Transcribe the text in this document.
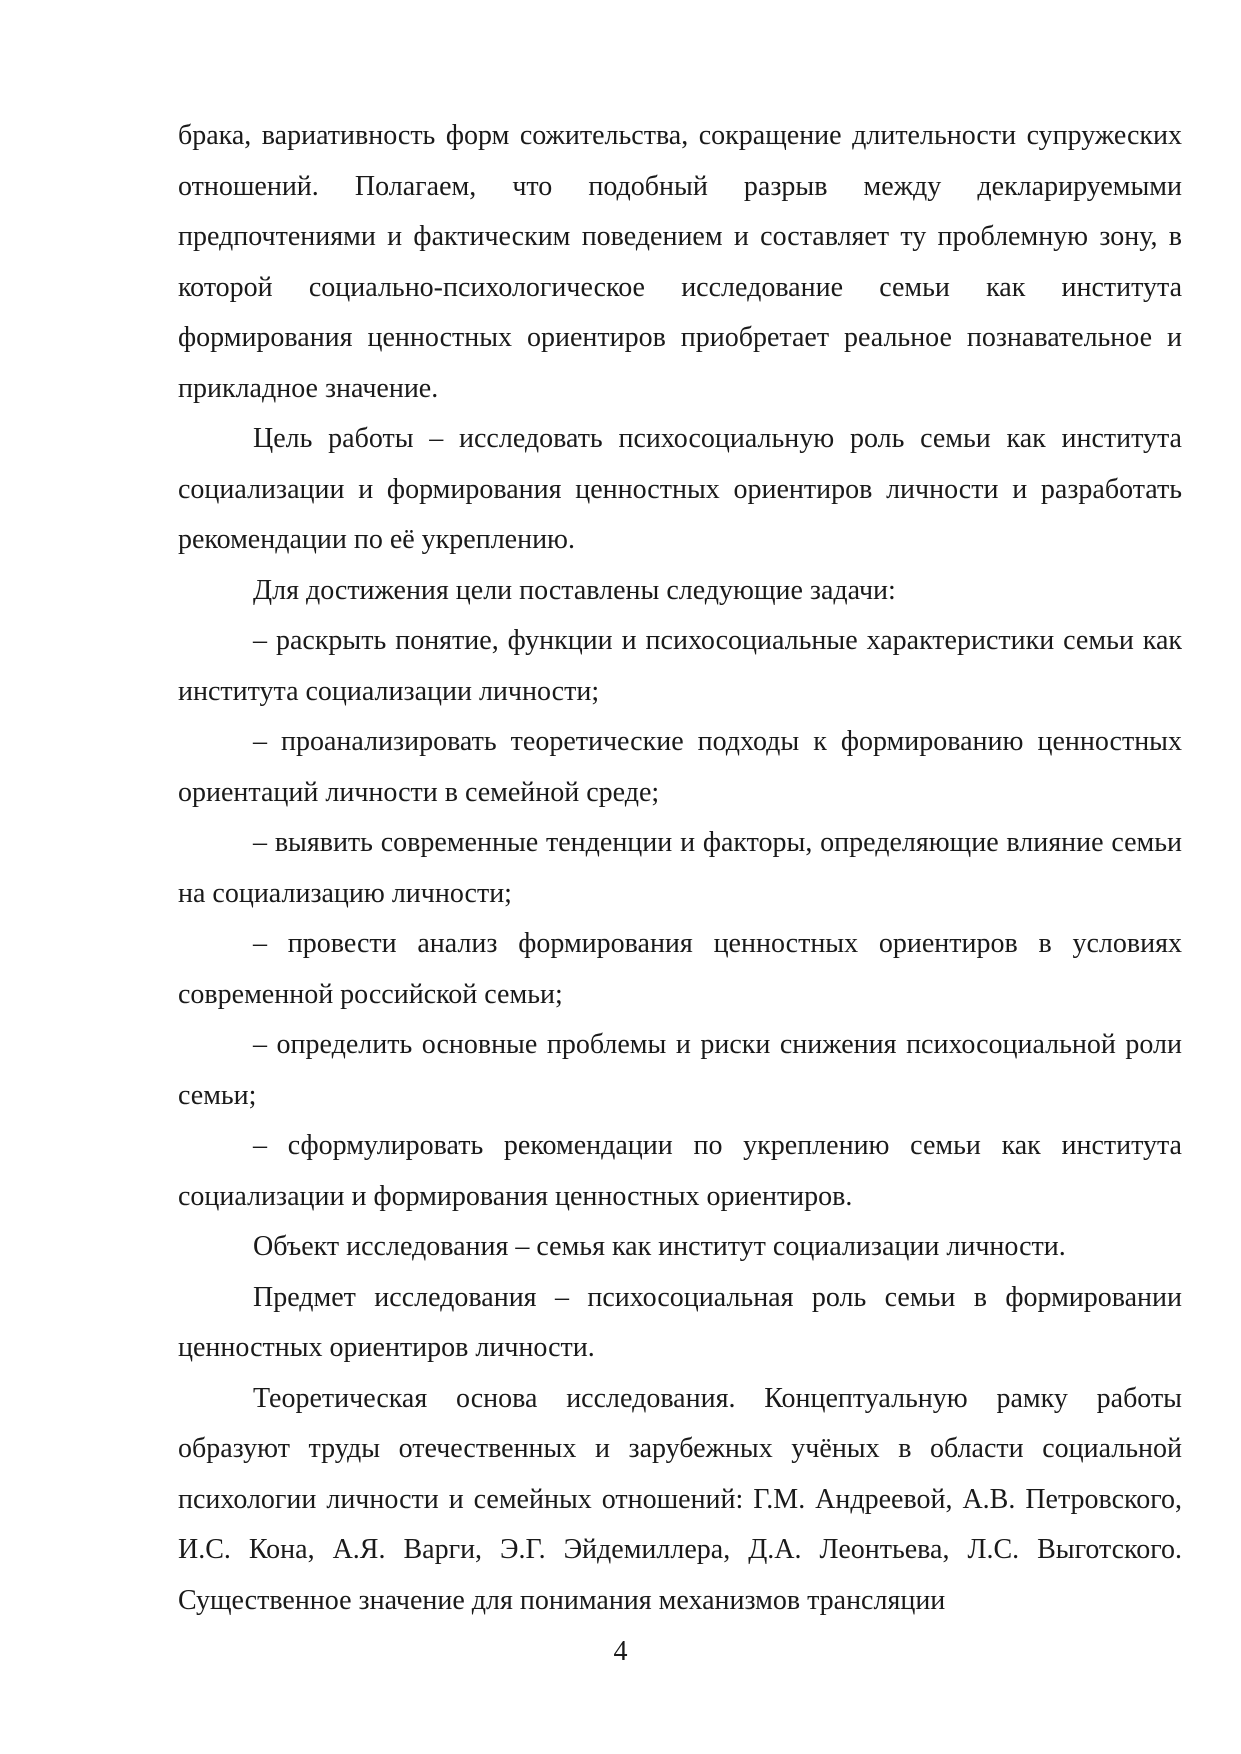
брака, вариативность форм сожительства, сокращение длительности супружеских отношений. Полагаем, что подобный разрыв между декларируемыми предпочтениями и фактическим поведением и составляет ту проблемную зону, в которой социально-психологическое исследование семьи как института формирования ценностных ориентиров приобретает реальное познавательное и прикладное значение.

Цель работы – исследовать психосоциальную роль семьи как института социализации и формирования ценностных ориентиров личности и разработать рекомендации по её укреплению.

Для достижения цели поставлены следующие задачи:

– раскрыть понятие, функции и психосоциальные характеристики семьи как института социализации личности;

– проанализировать теоретические подходы к формированию ценностных ориентаций личности в семейной среде;

– выявить современные тенденции и факторы, определяющие влияние семьи на социализацию личности;

– провести анализ формирования ценностных ориентиров в условиях современной российской семьи;

– определить основные проблемы и риски снижения психосоциальной роли семьи;

– сформулировать рекомендации по укреплению семьи как института социализации и формирования ценностных ориентиров.

Объект исследования – семья как институт социализации личности.

Предмет исследования – психосоциальная роль семьи в формировании ценностных ориентиров личности.

Теоретическая основа исследования. Концептуальную рамку работы образуют труды отечественных и зарубежных учёных в области социальной психологии личности и семейных отношений: Г.М. Андреевой, А.В. Петровского, И.С. Кона, А.Я. Варги, Э.Г. Эйдемиллера, Д.А. Леонтьева, Л.С. Выготского. Существенное значение для понимания механизмов трансляции

4
